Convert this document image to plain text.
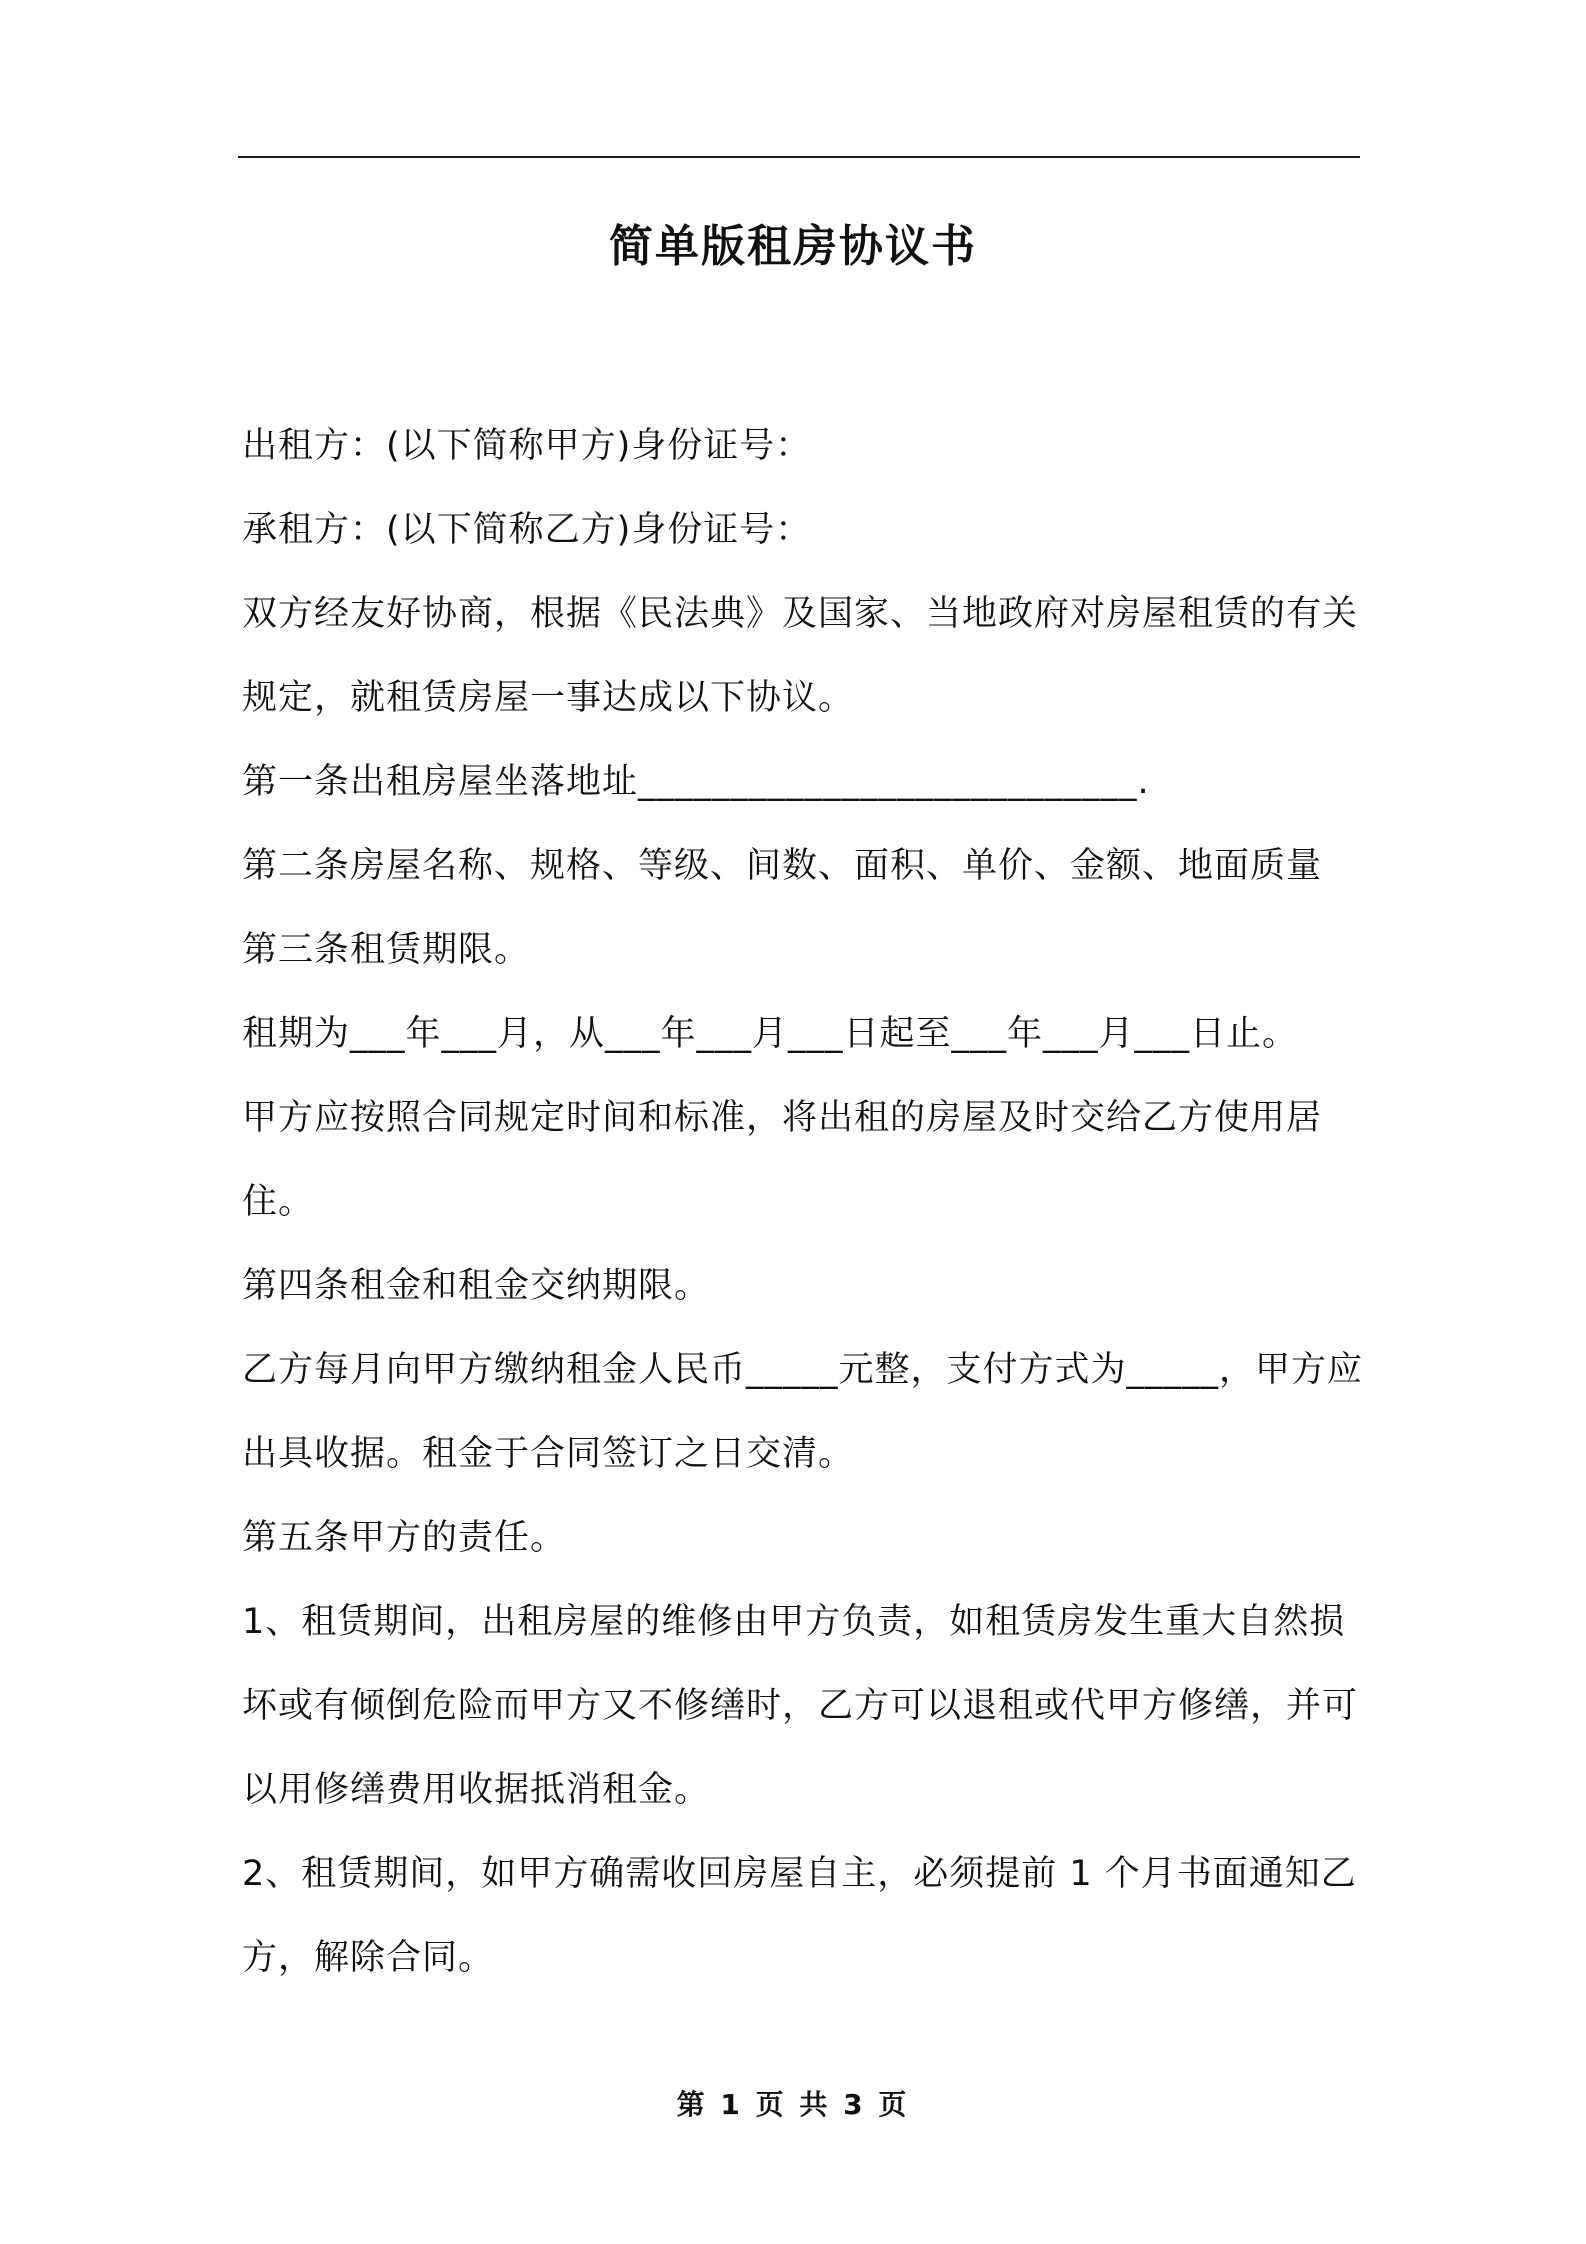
简单版租房协议书

出租方：(以下简称甲方)身份证号：

承租方：(以下简称乙方)身份证号：

双方经友好协商，根据《民法典》及国家、当地政府对房屋租赁的有关规定，就租赁房屋一事达成以下协议。

第一条出租房屋坐落地址___________________________.

第二条房屋名称、规格、等级、间数、面积、单价、金额、地面质量

第三条租赁期限。

租期为___年___月，从___年___月___日起至___年___月___日止。

甲方应按照合同规定时间和标准，将出租的房屋及时交给乙方使用居住。

第四条租金和租金交纳期限。

乙方每月向甲方缴纳租金人民币_____元整，支付方式为_____，甲方应出具收据。租金于合同签订之日交清。

第五条甲方的责任。

1、租赁期间，出租房屋的维修由甲方负责，如租赁房发生重大自然损坏或有倾倒危险而甲方又不修缮时，乙方可以退租或代甲方修缮，并可以用修缮费用收据抵消租金。

2、租赁期间，如甲方确需收回房屋自主，必须提前 1 个月书面通知乙方，解除合同。

第 1 页 共 3 页
